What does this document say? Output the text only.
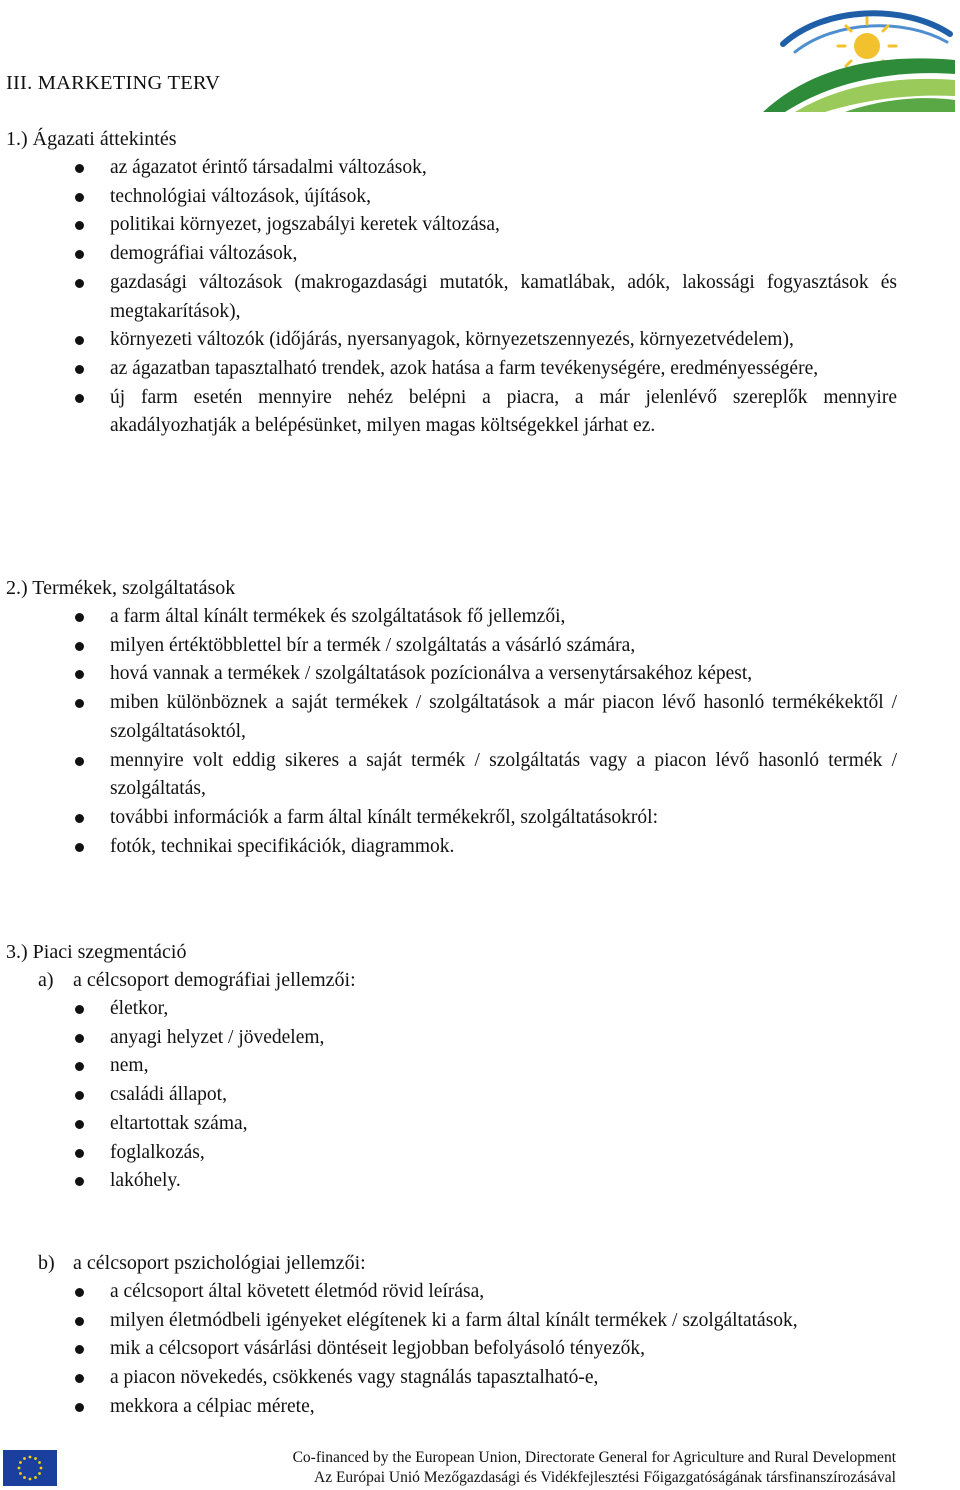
III. MARKETING TERV
1.) Ágazati áttekintés
az ágazatot érintő társadalmi változások,
technológiai változások, újítások,
politikai környezet, jogszabályi keretek változása,
demográfiai változások,
gazdasági változások (makrogazdasági mutatók, kamatlábak, adók, lakossági fogyasztások és megtakarítások),
környezeti változók (időjárás, nyersanyagok, környezetszennyezés, környezetvédelem),
az ágazatban tapasztalható trendek, azok hatása a farm tevékenységére, eredményességére,
új farm esetén mennyire nehéz belépni a piacra, a már jelenlévő szereplők mennyire akadályozhatják a belépésünket, milyen magas költségekkel járhat ez.
2.) Termékek, szolgáltatások
a farm által kínált termékek és szolgáltatások fő jellemzői,
milyen értéktöbblettel bír a termék / szolgáltatás a vásárló számára,
hová vannak a termékek / szolgáltatások pozícionálva a versenytársakéhoz képest,
miben különböznek a saját termékek / szolgáltatások a már piacon lévő hasonló termékékektől / szolgáltatásoktól,
mennyire volt eddig sikeres a saját termék / szolgáltatás vagy a piacon lévő hasonló termék / szolgáltatás,
további információk a farm által kínált termékekről, szolgáltatásokról:
fotók, technikai specifikációk, diagrammok.
3.) Piaci szegmentáció
a) a célcsoport demográfiai jellemzői:
életkor,
anyagi helyzet / jövedelem,
nem,
családi állapot,
eltartottak száma,
foglalkozás,
lakóhely.
b) a célcsoport pszichológiai jellemzői:
a célcsoport által követett életmód rövid leírása,
milyen életmódbeli igényeket elégítenek ki a farm által kínált termékek / szolgáltatások,
mik a célcsoport vásárlási döntéseit legjobban befolyásoló tényezők,
a piacon növekedés, csökkenés vagy stagnálás tapasztalható-e,
mekkora a célpiac mérete,
Co-financed by the European Union, Directorate General for Agriculture and Rural Development
Az Európai Unió Mezőgazdasági és Vidékfejlesztési Főigazgatóságának társfinanszírozásával
